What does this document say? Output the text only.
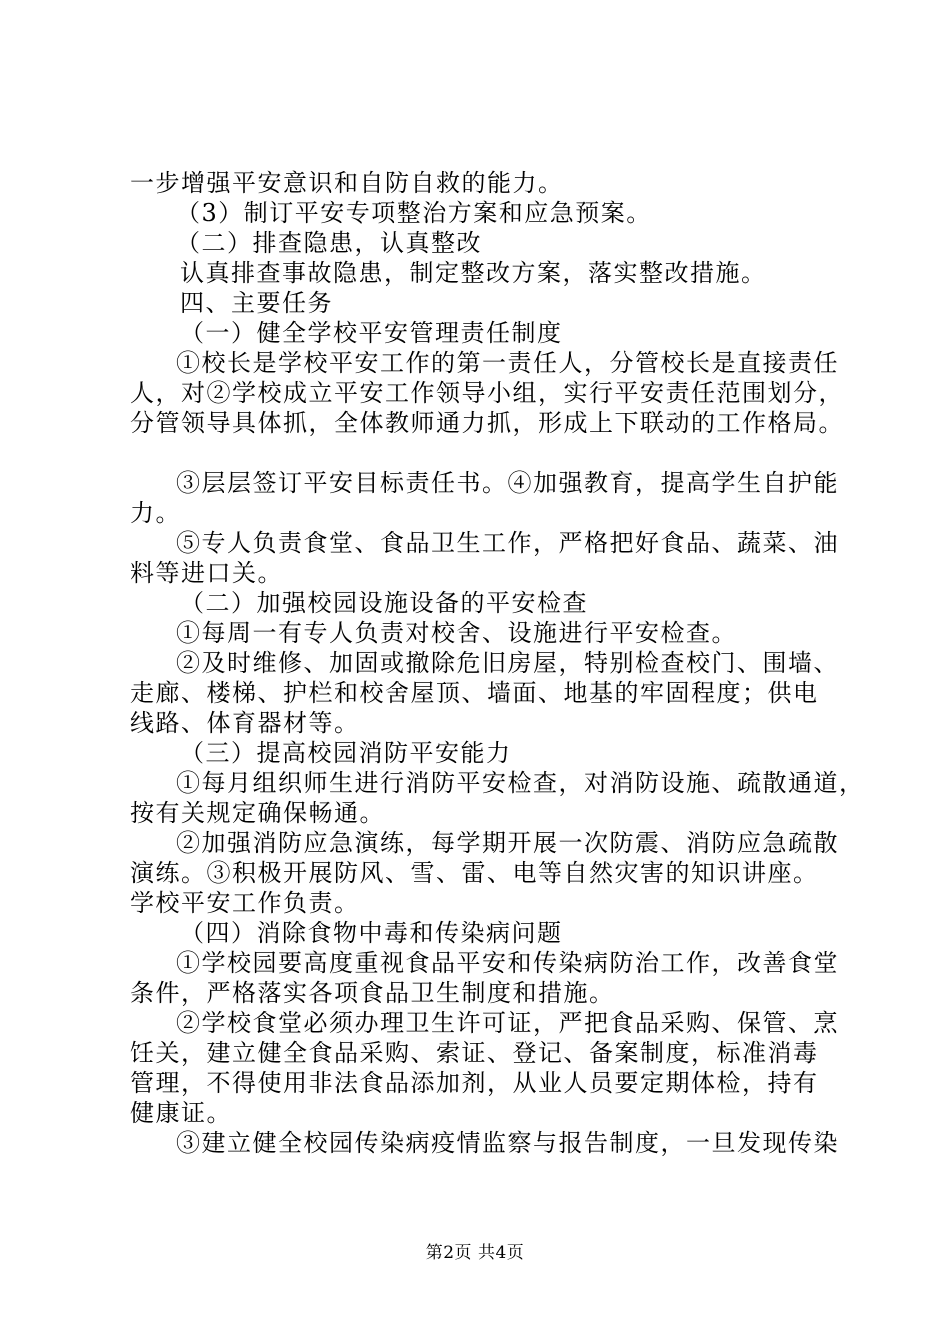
一步增强平安意识和自防自救的能力。

（3）制订平安专项整治方案和应急预案。

（二）排查隐患，认真整改

认真排查事故隐患，制定整改方案，落实整改措施。

四、主要任务

（一）健全学校平安管理责任制度

①校长是学校平安工作的第一责任人，分管校长是直接责任

人，对②学校成立平安工作领导小组，实行平安责任范围划分，

分管领导具体抓，全体教师通力抓，形成上下联动的工作格局。

③层层签订平安目标责任书。④加强教育，提高学生自护能

力。

⑤专人负责食堂、食品卫生工作，严格把好食品、蔬菜、油

料等进口关。

（二）加强校园设施设备的平安检查

①每周一有专人负责对校舍、设施进行平安检查。

②及时维修、加固或撤除危旧房屋，特别检查校门、围墙、

走廊、楼梯、护栏和校舍屋顶、墙面、地基的牢固程度；供电

线路、体育器材等。

（三）提高校园消防平安能力

①每月组织师生进行消防平安检查，对消防设施、疏散通道，

按有关规定确保畅通。

②加强消防应急演练，每学期开展一次防震、消防应急疏散

演练。③积极开展防风、雪、雷、电等自然灾害的知识讲座。

学校平安工作负责。

（四）消除食物中毒和传染病问题

①学校园要高度重视食品平安和传染病防治工作，改善食堂

条件，严格落实各项食品卫生制度和措施。

②学校食堂必须办理卫生许可证，严把食品采购、保管、烹

饪关，建立健全食品采购、索证、登记、备案制度，标准消毒

管理，不得使用非法食品添加剂，从业人员要定期体检，持有

健康证。

③建立健全校园传染病疫情监察与报告制度，一旦发现传染

第2页 共4页
